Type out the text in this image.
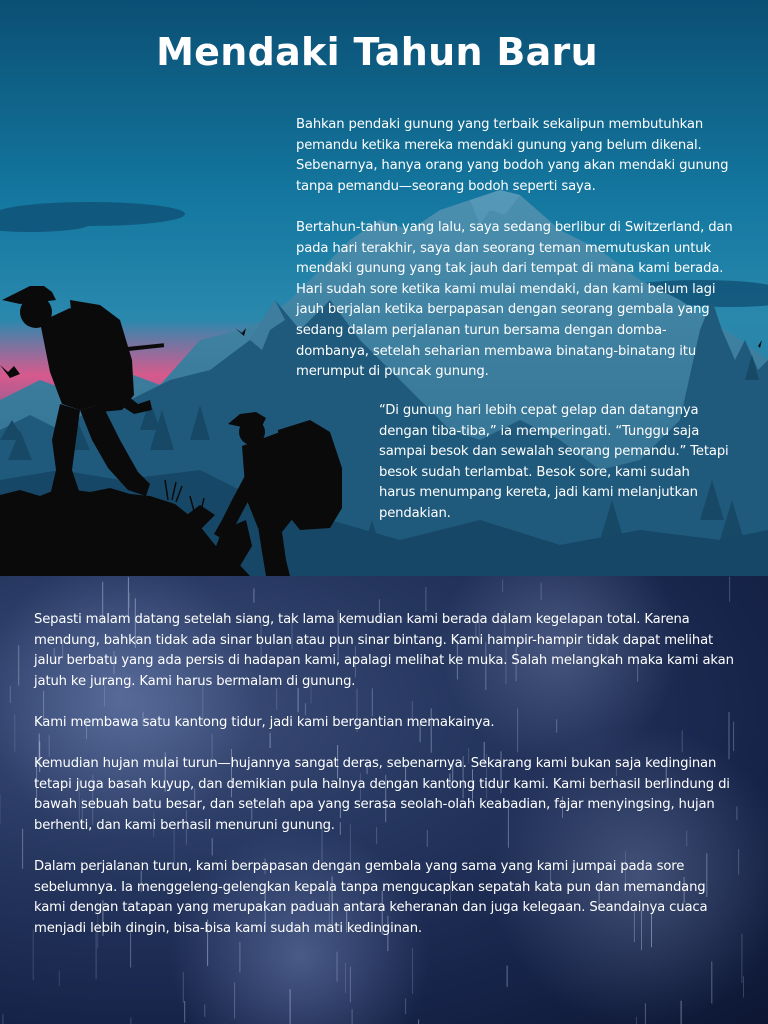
Mendaki Tahun Baru

Bahkan pendaki gunung yang terbaik sekalipun membutuhkan pemandu ketika mereka mendaki gunung yang belum dikenal. Sebenarnya, hanya orang yang bodoh yang akan mendaki gunung tanpa pemandu—seorang bodoh seperti saya.

Bertahun-tahun yang lalu, saya sedang berlibur di Switzerland, dan pada hari terakhir, saya dan seorang teman memutuskan untuk mendaki gunung yang tak jauh dari tempat di mana kami berada. Hari sudah sore ketika kami mulai mendaki, dan kami belum lagi jauh berjalan ketika berpapasan dengan seorang gembala yang sedang dalam perjalanan turun bersama dengan domba-dombanya, setelah seharian membawa binatang-binatang itu merumput di puncak gunung.

“Di gunung hari lebih cepat gelap dan datangnya dengan tiba-tiba,” ia memperingati. “Tunggu saja sampai besok dan sewalah seorang pemandu.” Tetapi besok sudah terlambat. Besok sore, kami sudah harus menumpang kereta, jadi kami melanjutkan pendakian.

Sepasti malam datang setelah siang, tak lama kemudian kami berada dalam kegelapan total. Karena mendung, bahkan tidak ada sinar bulan atau pun sinar bintang. Kami hampir-hampir tidak dapat melihat jalur berbatu yang ada persis di hadapan kami, apalagi melihat ke muka. Salah melangkah maka kami akan jatuh ke jurang. Kami harus bermalam di gunung.

Kami membawa satu kantong tidur, jadi kami bergantian memakainya.

Kemudian hujan mulai turun—hujannya sangat deras, sebenarnya. Sekarang kami bukan saja kedinginan tetapi juga basah kuyup, dan demikian pula halnya dengan kantong tidur kami. Kami berhasil berlindung di bawah sebuah batu besar, dan setelah apa yang serasa seolah-olah keabadian, fajar menyingsing, hujan berhenti, dan kami berhasil menuruni gunung.

Dalam perjalanan turun, kami berpapasan dengan gembala yang sama yang kami jumpai pada sore sebelumnya. Ia menggeleng-gelengkan kepala tanpa mengucapkan sepatah kata pun dan memandang kami dengan tatapan yang merupakan paduan antara keheranan dan juga kelegaan. Seandainya cuaca menjadi lebih dingin, bisa-bisa kami sudah mati kedinginan.
